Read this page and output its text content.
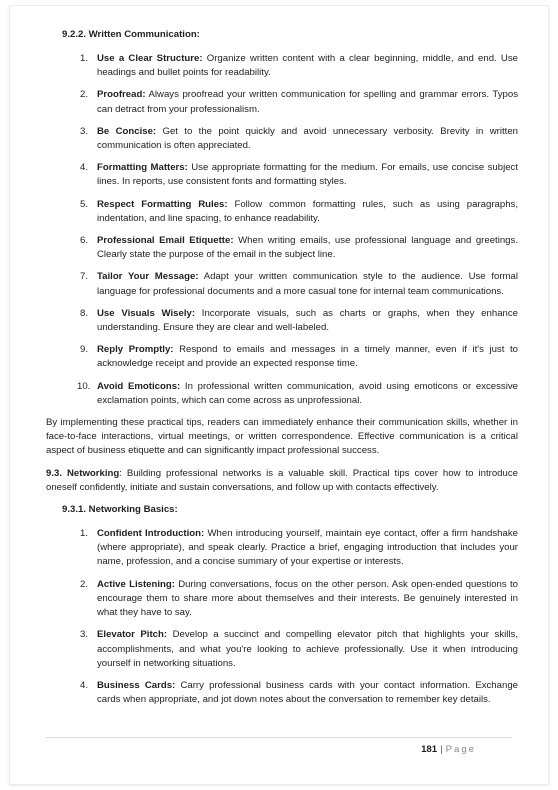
9.2.2. Written Communication:
1. Use a Clear Structure: Organize written content with a clear beginning, middle, and end. Use headings and bullet points for readability.
2. Proofread: Always proofread your written communication for spelling and grammar errors. Typos can detract from your professionalism.
3. Be Concise: Get to the point quickly and avoid unnecessary verbosity. Brevity in written communication is often appreciated.
4. Formatting Matters: Use appropriate formatting for the medium. For emails, use concise subject lines. In reports, use consistent fonts and formatting styles.
5. Respect Formatting Rules: Follow common formatting rules, such as using paragraphs, indentation, and line spacing, to enhance readability.
6. Professional Email Etiquette: When writing emails, use professional language and greetings. Clearly state the purpose of the email in the subject line.
7. Tailor Your Message: Adapt your written communication style to the audience. Use formal language for professional documents and a more casual tone for internal team communications.
8. Use Visuals Wisely: Incorporate visuals, such as charts or graphs, when they enhance understanding. Ensure they are clear and well-labeled.
9. Reply Promptly: Respond to emails and messages in a timely manner, even if it's just to acknowledge receipt and provide an expected response time.
10. Avoid Emoticons: In professional written communication, avoid using emoticons or excessive exclamation points, which can come across as unprofessional.

By implementing these practical tips, readers can immediately enhance their communication skills, whether in face-to-face interactions, virtual meetings, or written correspondence. Effective communication is a critical aspect of business etiquette and can significantly impact professional success.

9.3. Networking: Building professional networks is a valuable skill. Practical tips cover how to introduce oneself confidently, initiate and sustain conversations, and follow up with contacts effectively.

9.3.1. Networking Basics:
1. Confident Introduction: When introducing yourself, maintain eye contact, offer a firm handshake (where appropriate), and speak clearly. Practice a brief, engaging introduction that includes your name, profession, and a concise summary of your expertise or interests.
2. Active Listening: During conversations, focus on the other person. Ask open-ended questions to encourage them to share more about themselves and their interests. Be genuinely interested in what they have to say.
3. Elevator Pitch: Develop a succinct and compelling elevator pitch that highlights your skills, accomplishments, and what you're looking to achieve professionally. Use it when introducing yourself in networking situations.
4. Business Cards: Carry professional business cards with your contact information. Exchange cards when appropriate, and jot down notes about the conversation to remember key details.
181 | Page
